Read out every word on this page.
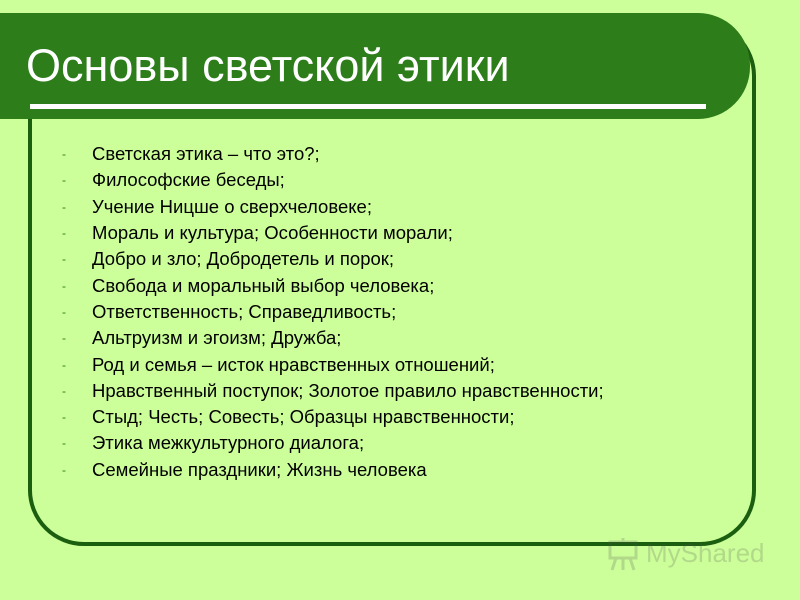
Основы светской этики
-	Светская этика – что это?;
-	Философские беседы;
-	Учение Ницше о сверхчеловеке;
-	Мораль и культура; Особенности морали;
-	Добро и зло; Добродетель и порок;
-	Свобода и моральный выбор человека;
-	Ответственность; Справедливость;
-	Альтруизм и эгоизм; Дружба;
-	Род и семья – исток нравственных отношений;
-	Нравственный поступок; Золотое правило нравственности;
-	Стыд; Честь; Совесть; Образцы нравственности;
-	Этика межкультурного диалога;
-	Семейные праздники; Жизнь человека
MyShared
